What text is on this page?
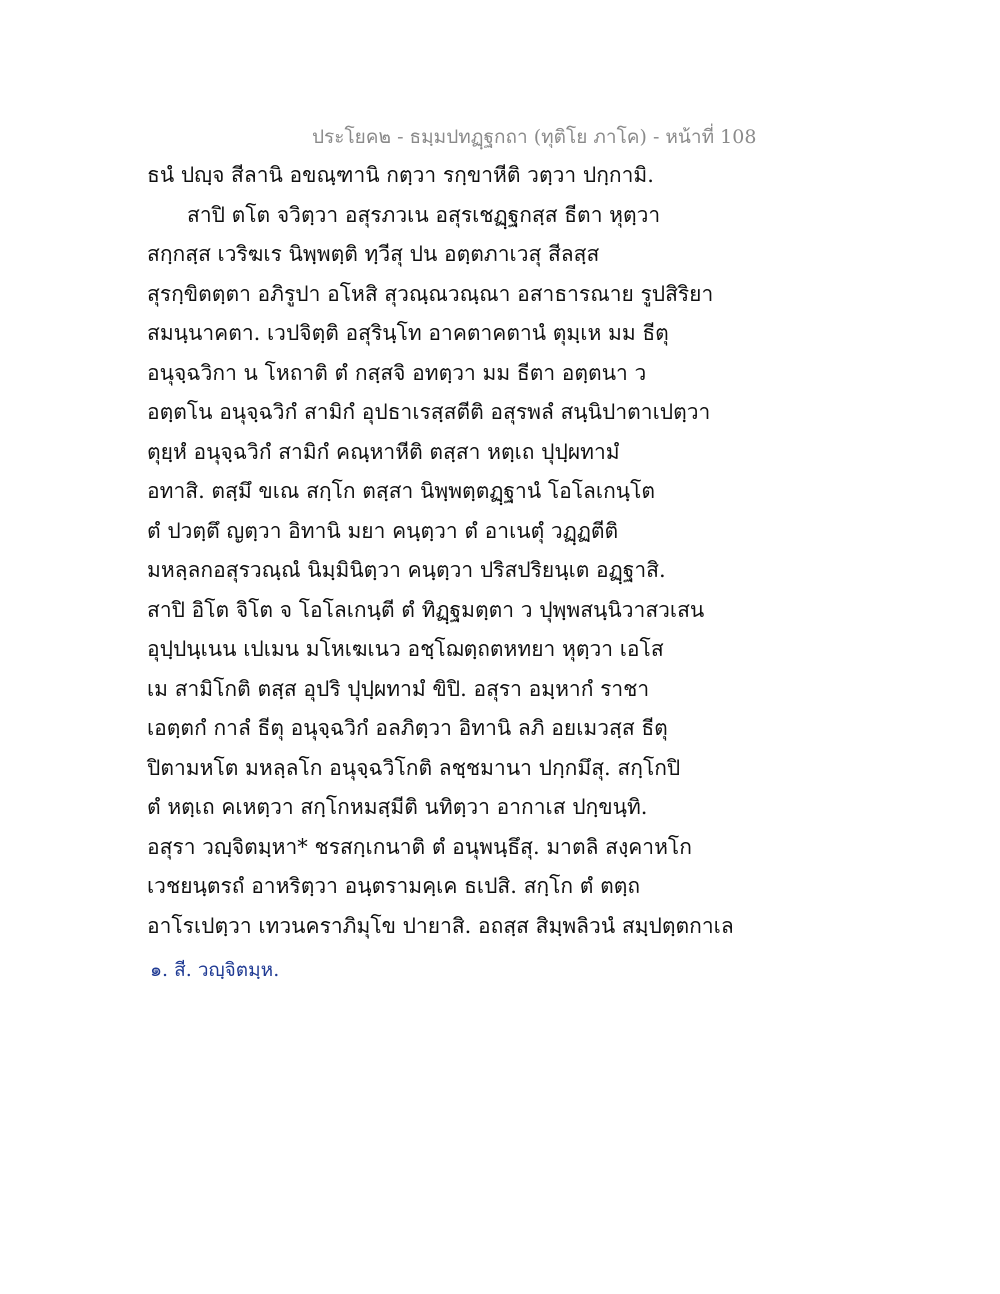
ประโยค๒ - ธมฺมปทฏฺฐกถา (ทุติโย ภาโค) - หน้าที่ 108
ธนํ ปญฺจ สีลานิ อขณฺฑานิ กตฺวา รกฺขาหีติ วตฺวา ปกฺกามิ.
สาปิ ตโต จวิตฺวา อสุรภวเน อสุรเชฏฺฐกสฺส ธีตา หุตฺวา
สกฺกสฺส เวริฆเร นิพฺพตฺติ ทฺวีสุ ปน อตฺตภาเวสุ สีลสฺส
สุรกฺขิตตฺตา อภิรูปา อโหสิ สุวณฺณวณฺณา อสาธารณาย รูปสิริยา
สมนฺนาคตา. เวปจิตฺติ อสุรินฺโท อาคตาคตานํ ตุมฺเห มม ธีตุ
อนุจฺฉวิกา น โหถาติ ตํ กสฺสจิ อทตฺวา มม ธีตา อตฺตนา ว
อตฺตโน อนุจฺฉวิกํ สามิกํ อุปธาเรสฺสตีติ อสุรพลํ สนฺนิปาตาเปตฺวา
ตุยฺหํ อนุจฺฉวิกํ สามิกํ คณฺหาหีติ ตสฺสา หตฺเถ ปุปฺผทามํ
อทาสิ. ตสฺมึ ขเณ สกฺโก ตสฺสา นิพฺพตฺตฏฺฐานํ โอโลเกนฺโต
ตํ ปวตฺตึ ญตฺวา อิทานิ มยา คนฺตฺวา ตํ อาเนตุํ วฏฺฏตีติ
มหลฺลกอสุรวณฺณํ นิมฺมินิตฺวา คนฺตฺวา ปริสปริยนฺเต อฏฺฐาสิ.
สาปิ อิโต จิโต จ โอโลเกนฺตี ตํ ทิฏฺฐมตฺตา ว ปุพฺพสนฺนิวาสวเสน
อุปฺปนฺเนน เปเมน มโหเฆเนว อชฺโฌตฺถตหทยา หุตฺวา เอโส
เม สามิโกติ ตสฺส อุปริ ปุปฺผทามํ ขิปิ. อสุรา อมฺหากํ ราชา
เอตฺตกํ กาลํ ธีตุ อนุจฺฉวิกํ อลภิตฺวา อิทานิ ลภิ อยเมวสฺส ธีตุ
ปิตามหโต มหลฺลโก อนุจฺฉวิโกติ ลชฺชมานา ปกฺกมึสุ. สกฺโกปิ
ตํ หตฺเถ คเหตฺวา สกฺโกหมสฺมีติ นทิตฺวา อากาเส ปกฺขนฺทิ.
อสุรา วญฺจิตมฺหา* ชรสกฺเกนาติ ตํ อนุพนฺธึสุ. มาตลิ สงฺคาหโก
เวชยนฺตรถํ อาหริตฺวา อนฺตรามคฺเค ธเปสิ. สกฺโก ตํ ตตฺถ
อาโรเปตฺวา เทวนคราภิมุโข ปายาสิ. อถสฺส สิมฺพลิวนํ สมฺปตฺตกาเล
๑. สี. วญฺจิตมฺห.
